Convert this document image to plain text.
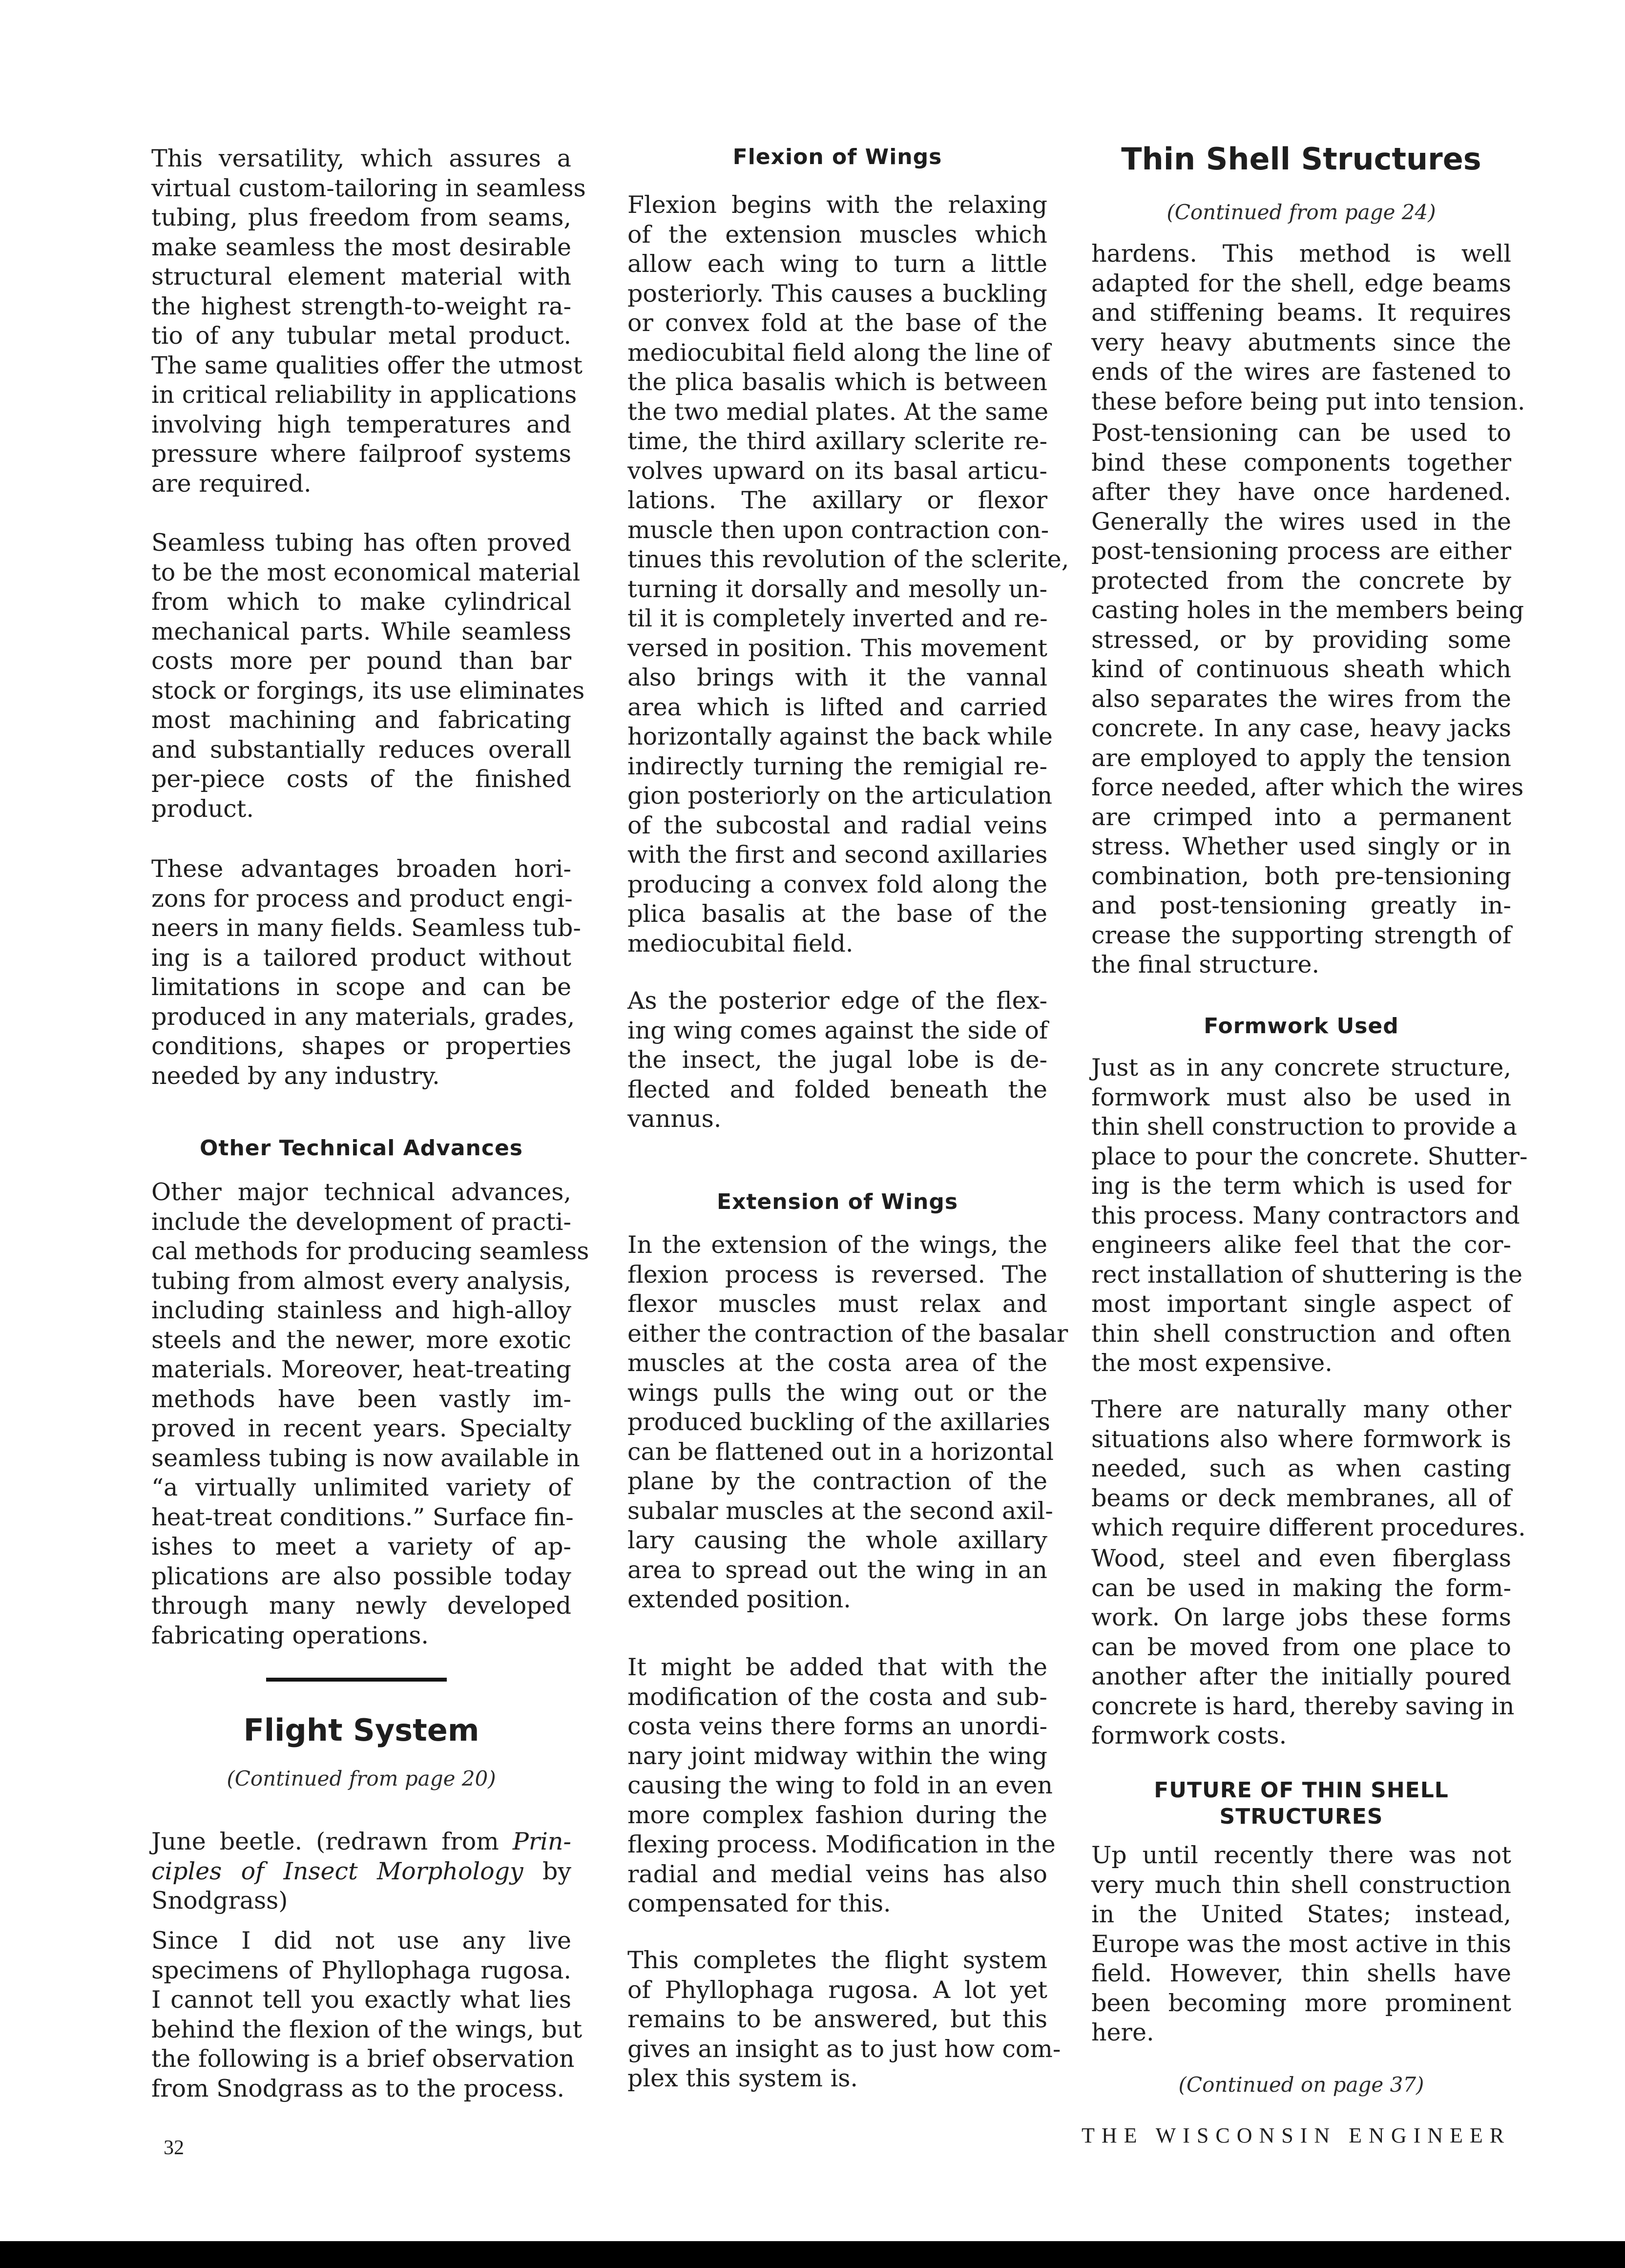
This versatility, which assures a
virtual custom-tailoring in seamless
tubing, plus freedom from seams,
make seamless the most desirable
structural element material with
the highest strength-to-weight ra-
tio of any tubular metal product.
The same qualities offer the utmost
in critical reliability in applications
involving high temperatures and
pressure where failproof systems
are required.
Seamless tubing has often proved
to be the most economical material
from which to make cylindrical
mechanical parts. While seamless
costs more per pound than bar
stock or forgings, its use eliminates
most machining and fabricating
and substantially reduces overall
per-piece costs of the finished
product.
These advantages broaden hori-
zons for process and product engi-
neers in many fields. Seamless tub-
ing is a tailored product without
limitations in scope and can be
produced in any materials, grades,
conditions, shapes or properties
needed by any industry.
Other Technical Advances
Other major technical advances,
include the development of practi-
cal methods for producing seamless
tubing from almost every analysis,
including stainless and high-alloy
steels and the newer, more exotic
materials. Moreover, heat-treating
methods have been vastly im-
proved in recent years. Specialty
seamless tubing is now available in
“a virtually unlimited variety of
heat-treat conditions.” Surface fin-
ishes to meet a variety of ap-
plications are also possible today
through many newly developed
fabricating operations.
Flight System
(Continued from page 20)
June beetle. (redrawn from Prin-
ciples of Insect Morphology by
Snodgrass)
Since I did not use any live
specimens of Phyllophaga rugosa.
I cannot tell you exactly what lies
behind the flexion of the wings, but
the following is a brief observation
from Snodgrass as to the process.
Flexion of Wings
Flexion begins with the relaxing
of the extension muscles which
allow each wing to turn a little
posteriorly. This causes a buckling
or convex fold at the base of the
mediocubital field along the line of
the plica basalis which is between
the two medial plates. At the same
time, the third axillary sclerite re-
volves upward on its basal articu-
lations. The axillary or flexor
muscle then upon contraction con-
tinues this revolution of the sclerite,
turning it dorsally and mesolly un-
til it is completely inverted and re-
versed in position. This movement
also brings with it the vannal
area which is lifted and carried
horizontally against the back while
indirectly turning the remigial re-
gion posteriorly on the articulation
of the subcostal and radial veins
with the first and second axillaries
producing a convex fold along the
plica basalis at the base of the
mediocubital field.
As the posterior edge of the flex-
ing wing comes against the side of
the insect, the jugal lobe is de-
flected and folded beneath the
vannus.
Extension of Wings
In the extension of the wings, the
flexion process is reversed. The
flexor muscles must relax and
either the contraction of the basalar
muscles at the costa area of the
wings pulls the wing out or the
produced buckling of the axillaries
can be flattened out in a horizontal
plane by the contraction of the
subalar muscles at the second axil-
lary causing the whole axillary
area to spread out the wing in an
extended position.
It might be added that with the
modification of the costa and sub-
costa veins there forms an unordi-
nary joint midway within the wing
causing the wing to fold in an even
more complex fashion during the
flexing process. Modification in the
radial and medial veins has also
compensated for this.
This completes the flight system
of Phyllophaga rugosa. A lot yet
remains to be answered, but this
gives an insight as to just how com-
plex this system is.
Thin Shell Structures
(Continued from page 24)
hardens. This method is well
adapted for the shell, edge beams
and stiffening beams. It requires
very heavy abutments since the
ends of the wires are fastened to
these before being put into tension.
Post-tensioning can be used to
bind these components together
after they have once hardened.
Generally the wires used in the
post-tensioning process are either
protected from the concrete by
casting holes in the members being
stressed, or by providing some
kind of continuous sheath which
also separates the wires from the
concrete. In any case, heavy jacks
are employed to apply the tension
force needed, after which the wires
are crimped into a permanent
stress. Whether used singly or in
combination, both pre-tensioning
and post-tensioning greatly in-
crease the supporting strength of
the final structure.
Formwork Used
Just as in any concrete structure,
formwork must also be used in
thin shell construction to provide a
place to pour the concrete. Shutter-
ing is the term which is used for
this process. Many contractors and
engineers alike feel that the cor-
rect installation of shuttering is the
most important single aspect of
thin shell construction and often
the most expensive.
There are naturally many other
situations also where formwork is
needed, such as when casting
beams or deck membranes, all of
which require different procedures.
Wood, steel and even fiberglass
can be used in making the form-
work. On large jobs these forms
can be moved from one place to
another after the initially poured
concrete is hard, thereby saving in
formwork costs.
FUTURE OF THIN SHELL
STRUCTURES
Up until recently there was not
very much thin shell construction
in the United States; instead,
Europe was the most active in this
field. However, thin shells have
been becoming more prominent
here.
(Continued on page 37)
32
THE WISCONSIN ENGINEER
